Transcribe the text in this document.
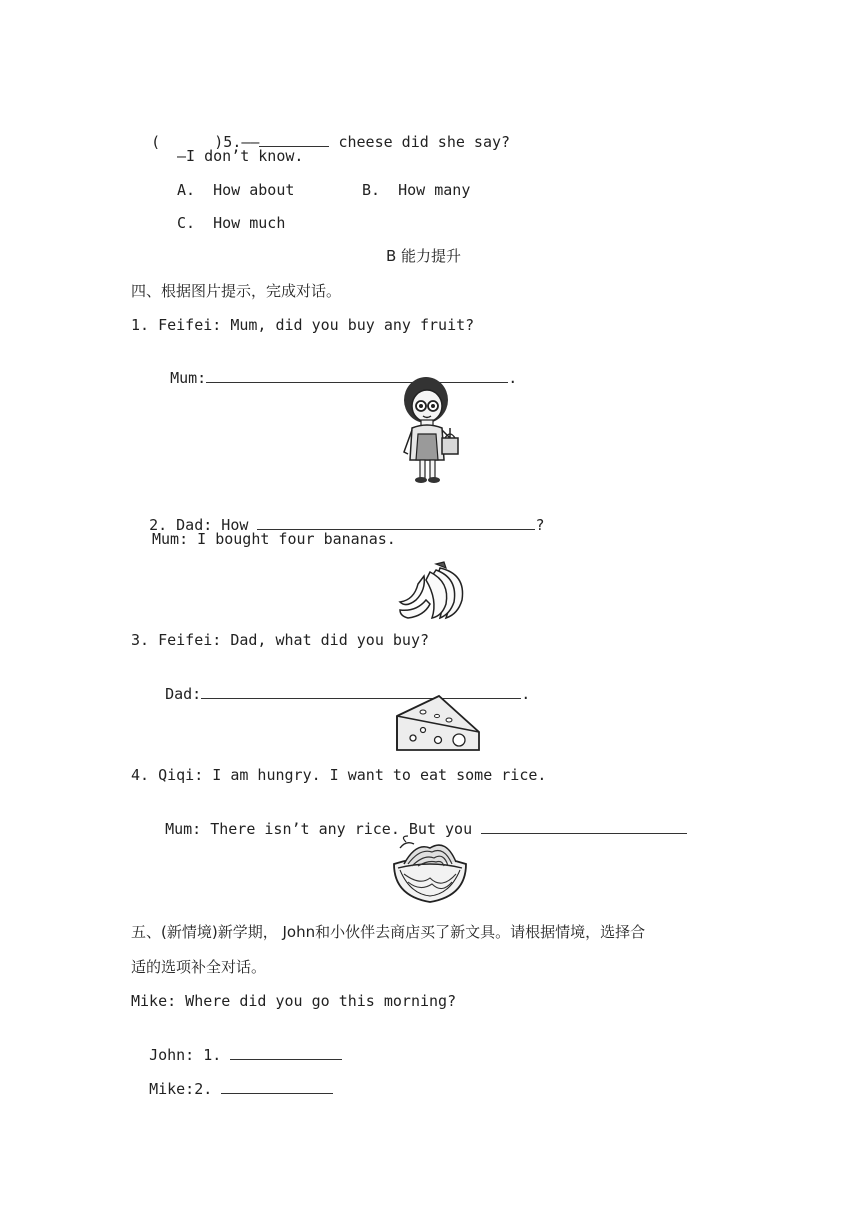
(      )5.——	cheese did she say?

—I don’t know.
A.  How about	B.  How many
C.  How much
B 能力提升
四、根据图片提示，完成对话。
1. Feifei: Mum, did you buy any fruit?

Mum:	.

2. Dad: How	?

Mum: I bought four bananas.
3. Feifei: Dad, what did you buy?

Dad:	.

4. Qiqi: I am hungry. I want to eat some rice.

Mum: There isn’t any rice. But you

五、(新情境)新学期， John和小伙伴去商店买了新文具。请根据情境，选择合
适的选项补全对话。
Mike: Where did you go this morning?

John: 1.

Mike:2.
